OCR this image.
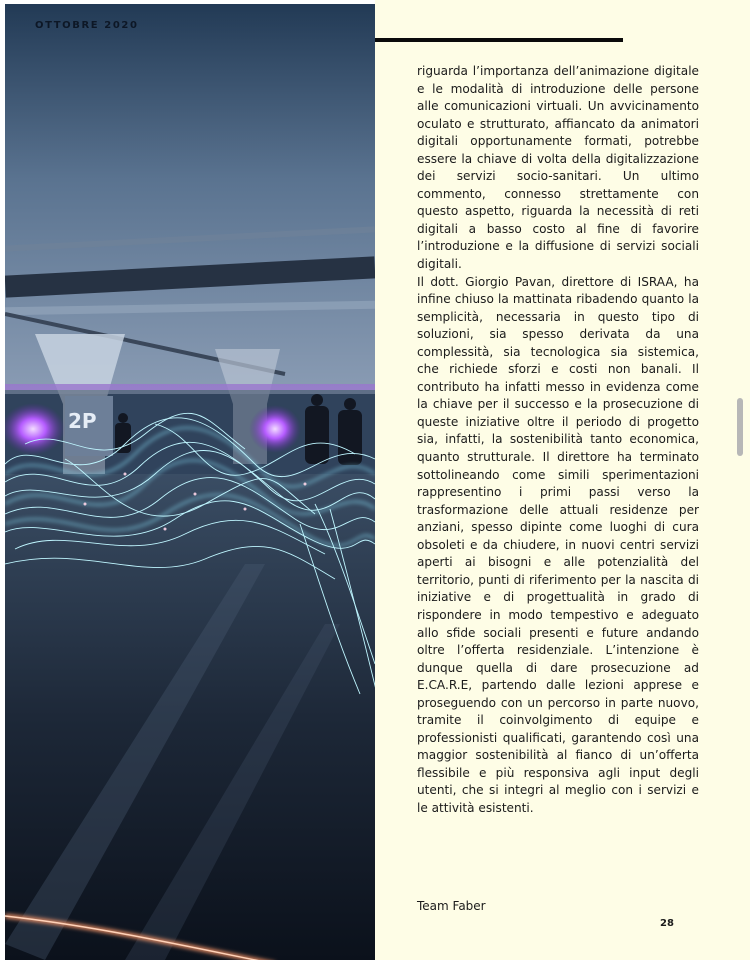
2P
OTTOBRE 2020

riguarda l’importanza dell’animazione digitale e le modalità di introduzione delle persone alle comunicazioni virtuali. Un avvicinamento oculato e strutturato, affiancato da animatori digitali opportunamente formati, potrebbe essere la chiave di volta della digitalizzazione dei servizi socio-sanitari. Un ultimo commento, connesso strettamente con questo aspetto, riguarda la necessità di reti digitali a basso costo al fine di favorire l’introduzione e la diffusione di servizi sociali digitali.

Il dott. Giorgio Pavan, direttore di ISRAA, ha infine chiuso la mattinata ribadendo quanto la semplicità, necessaria in questo tipo di soluzioni, sia spesso derivata da una complessità, sia tecnologica sia sistemica, che richiede sforzi e costi non banali. Il contributo ha infatti messo in evidenza come la chiave per il successo e la prosecuzione di queste iniziative oltre il periodo di progetto sia, infatti, la sostenibilità tanto economica, quanto strutturale. Il direttore ha terminato sottolineando come simili sperimentazioni rappresentino i primi passi verso la trasformazione delle attuali residenze per anziani, spesso dipinte come luoghi di cura obsoleti e da chiudere, in nuovi centri servizi aperti ai bisogni e alle potenzialità del territorio, punti di riferimento per la nascita di iniziative e di progettualità in grado di rispondere in modo tempestivo e adeguato allo sfide sociali presenti e future andando oltre l’offerta residenziale. L’intenzione è dunque quella di dare prosecuzione ad E.CA.R.E, partendo dalle lezioni apprese e proseguendo con un percorso in parte nuovo, tramite il coinvolgimento di equipe e professionisti qualificati, garantendo così una maggior sostenibilità al fianco di un’offerta flessibile e più responsiva agli input degli utenti, che si integri al meglio con i servizi e le attività esistenti.

Team Faber
28
